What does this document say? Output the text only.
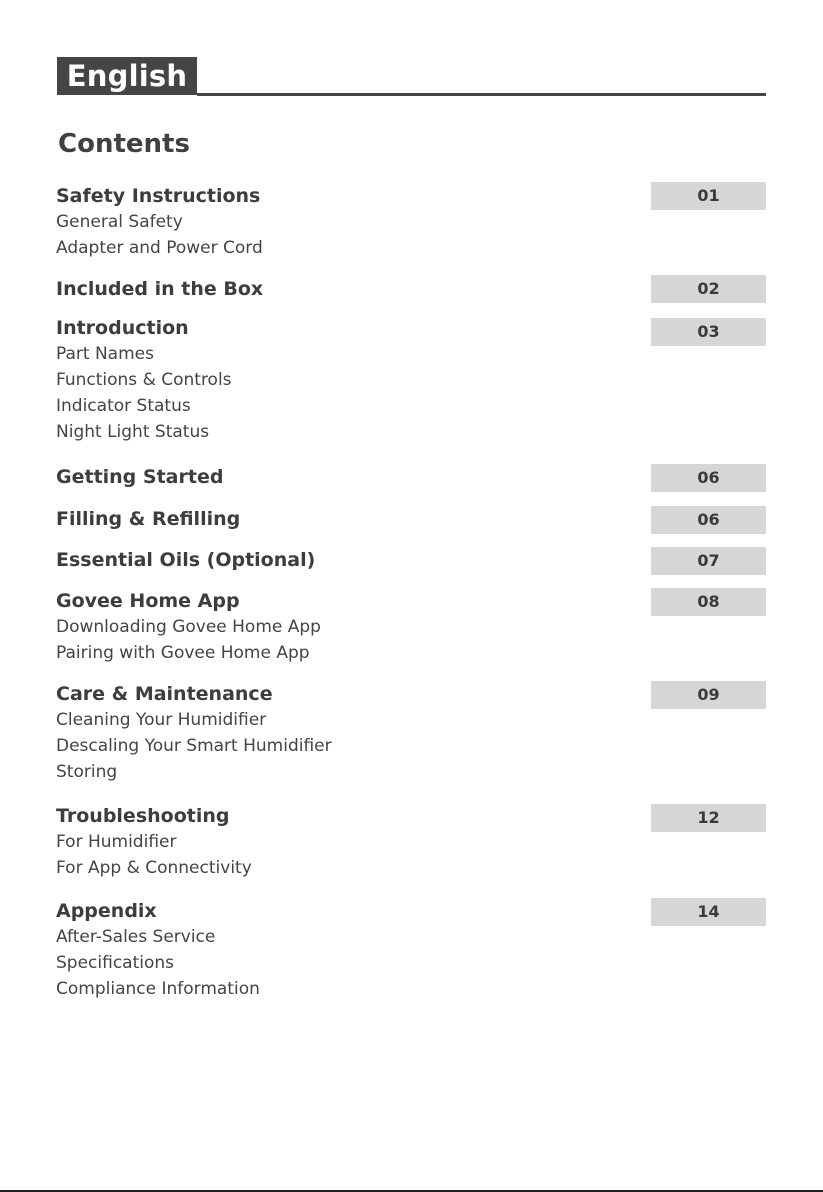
English
Contents
Safety Instructions	01
General Safety
Adapter and Power Cord
Included in the Box	02
Introduction	03
Part Names
Functions & Controls
Indicator Status
Night Light Status
Getting Started	06
Filling & Refilling	06
Essential Oils (Optional)	07
Govee Home App	08
Downloading Govee Home App
Pairing with Govee Home App
Care & Maintenance	09
Cleaning Your Humidifier
Descaling Your Smart Humidifier
Storing
Troubleshooting	12
For Humidifier
For App & Connectivity
Appendix	14
After-Sales Service
Specifications
Compliance Information
